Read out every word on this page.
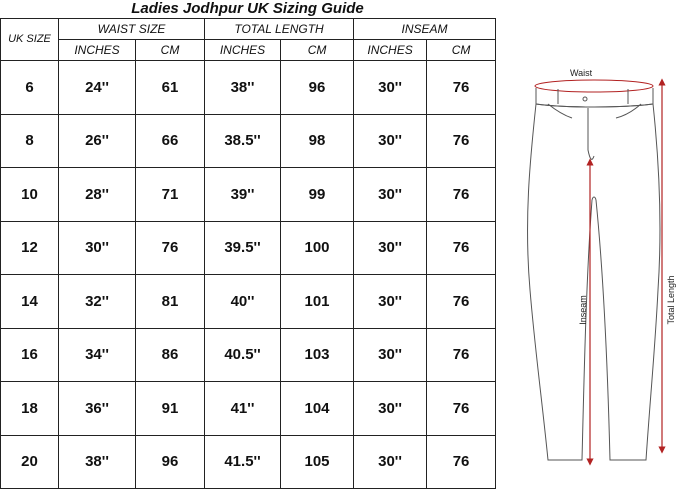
Ladies Jodhpur UK Sizing Guide
UK SIZE	WAIST SIZE		TOTAL LENGTH		INSEAM	
	INCHES	CM	INCHES	CM	INCHES	CM
6	24''	61	38''	96	30''	76
8	26''	66	38.5''	98	30''	76
10	28''	71	39''	99	30''	76
12	30''	76	39.5''	100	30''	76
14	32''	81	40''	101	30''	76
16	34''	86	40.5''	103	30''	76
18	36''	91	41''	104	30''	76
20	38''	96	41.5''	105	30''	76
Waist
Inseam	Total Length
